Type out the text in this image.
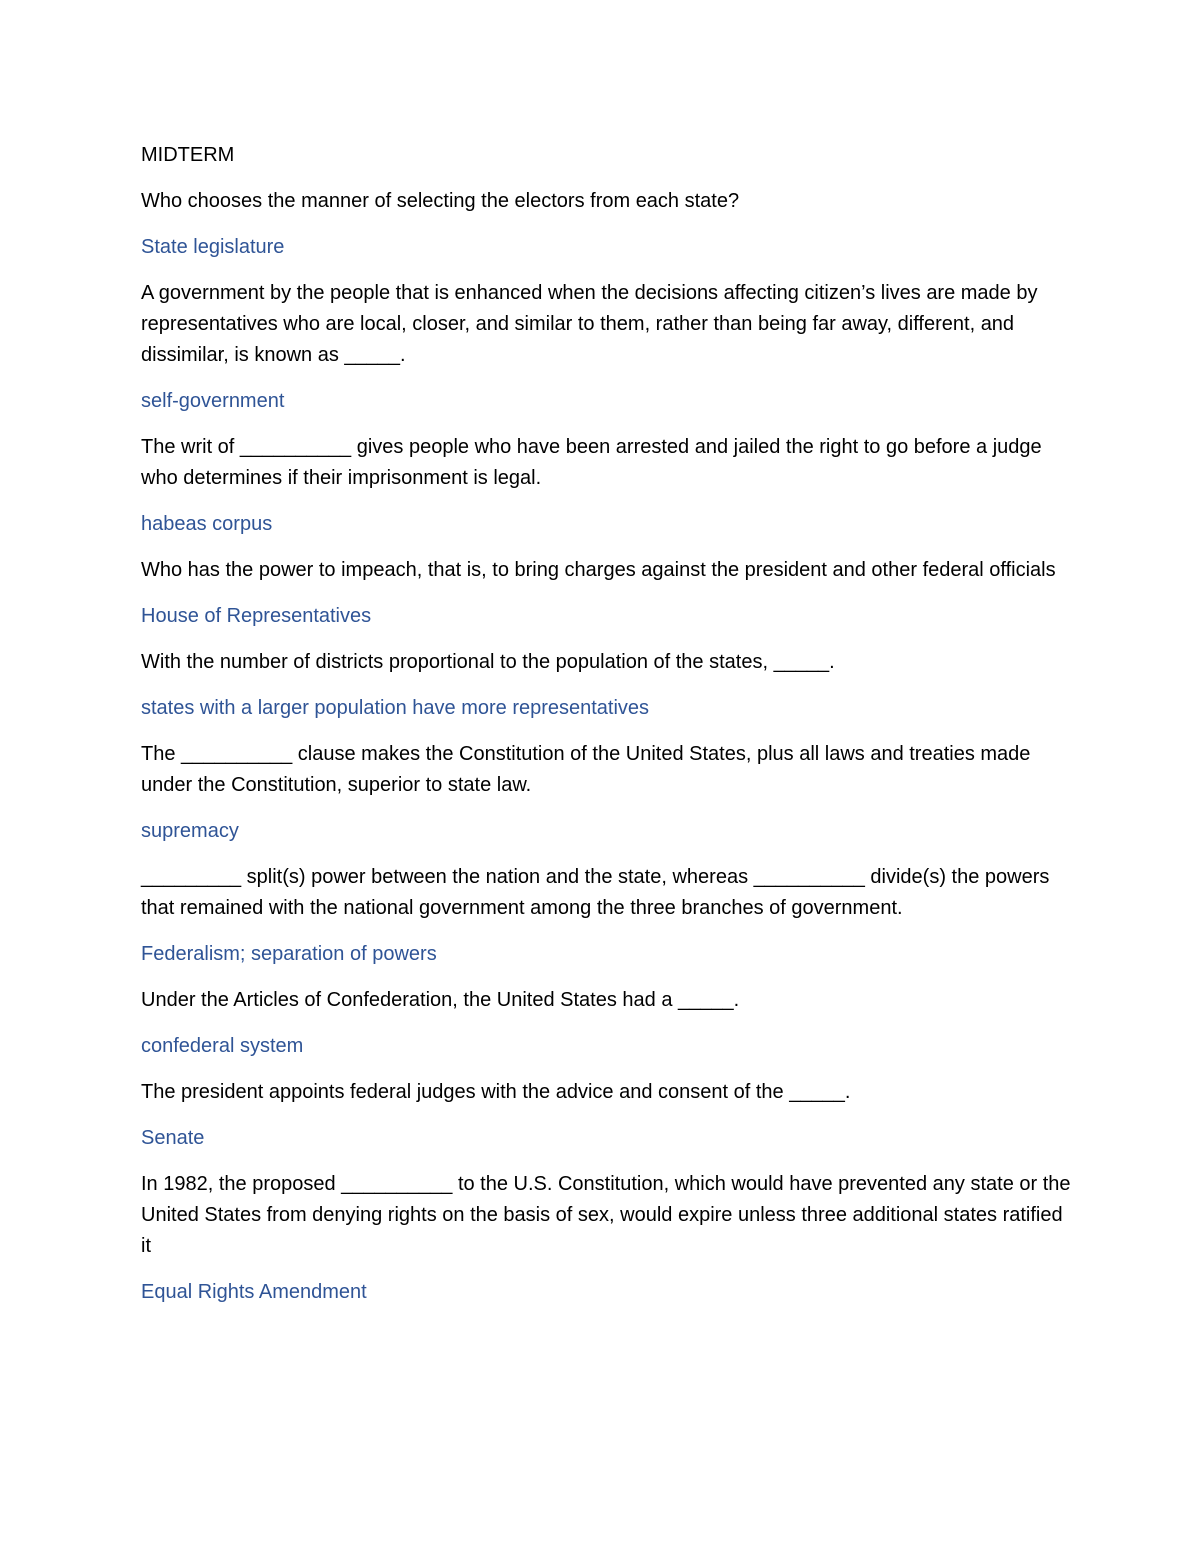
MIDTERM

Who chooses the manner of selecting the electors from each state?

State legislature

A government by the people that is enhanced when the decisions affecting citizen’s lives are made by representatives who are local, closer, and similar to them, rather than being far away, different, and dissimilar, is known as _____.

self-government

The writ of __________ gives people who have been arrested and jailed the right to go before a judge who determines if their imprisonment is legal.

habeas corpus

Who has the power to impeach, that is, to bring charges against the president and other federal officials

House of Representatives

With the number of districts proportional to the population of the states, _____.

states with a larger population have more representatives

The __________ clause makes the Constitution of the United States, plus all laws and treaties made under the Constitution, superior to state law.

supremacy

_________ split(s) power between the nation and the state, whereas __________ divide(s) the powers that remained with the national government among the three branches of government.

Federalism; separation of powers

Under the Articles of Confederation, the United States had a _____.

confederal system

The president appoints federal judges with the advice and consent of the _____.

Senate

In 1982, the proposed __________ to the U.S. Constitution, which would have prevented any state or the United States from denying rights on the basis of sex, would expire unless three additional states ratified it

Equal Rights Amendment
